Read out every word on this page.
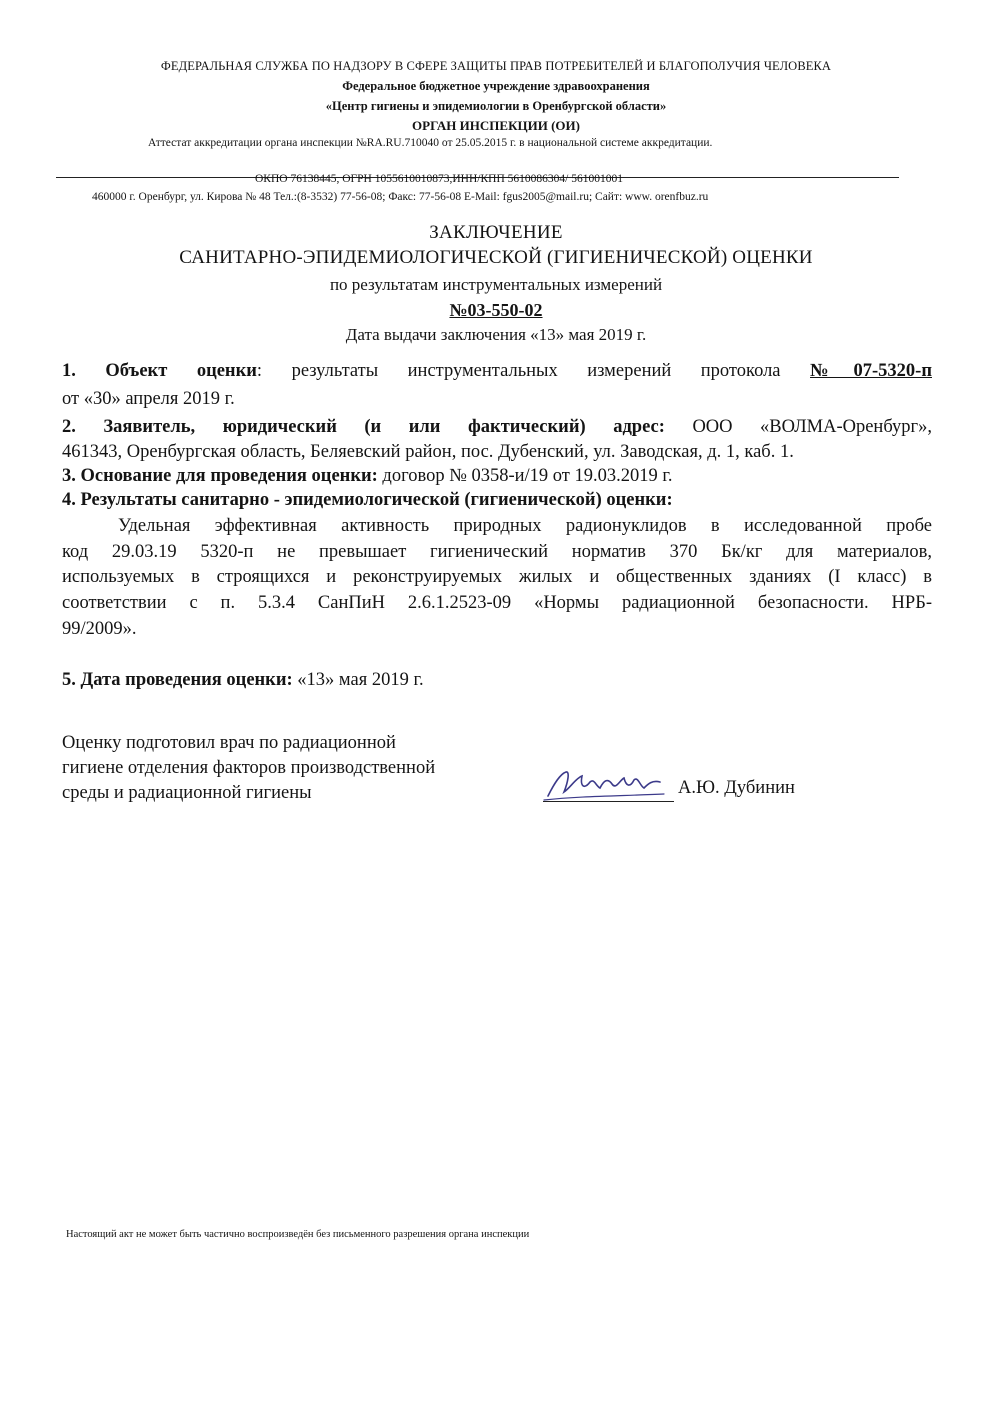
ФЕДЕРАЛЬНАЯ СЛУЖБА ПО НАДЗОРУ В СФЕРЕ ЗАЩИТЫ ПРАВ ПОТРЕБИТЕЛЕЙ И БЛАГОПОЛУЧИЯ ЧЕЛОВЕКА
Федеральное бюджетное учреждение здравоохранения
«Центр гигиены и эпидемиологии в Оренбургской области»
ОРГАН ИНСПЕКЦИИ (ОИ)
Аттестат аккредитации органа инспекции №RA.RU.710040 от 25.05.2015 г. в национальной системе аккредитации.
ОКПО 76138445, ОГРН 1055610010873,ИНН/КПП 5610086304/ 561001001
460000 г. Оренбург, ул. Кирова № 48 Тел.:(8-3532) 77-56-08; Факс: 77-56-08 E-Mail: fgus2005@mail.ru; Сайт: www. orenfbuz.ru
ЗАКЛЮЧЕНИЕ
САНИТАРНО-ЭПИДЕМИОЛОГИЧЕСКОЙ (ГИГИЕНИЧЕСКОЙ) ОЦЕНКИ
по результатам инструментальных измерений
№03-550-02
Дата выдачи заключения «13» мая 2019 г.
1. Объект оценки: результаты инструментальных измерений протокола №07-5320-п
от «30» апреля 2019 г.
2. Заявитель, юридический (и или фактический) адрес: ООО «ВОЛМА-Оренбург»,
461343, Оренбургская область, Беляевский район, пос. Дубенский, ул. Заводская, д. 1, каб. 1.
3. Основание для проведения оценки: договор № 0358-и/19 от 19.03.2019 г.
4. Результаты санитарно - эпидемиологической (гигиенической) оценки:
Удельная эффективная активность природных радионуклидов в исследованной пробе
код 29.03.19 5320-п не превышает гигиенический норматив 370 Бк/кг для материалов,
используемых в строящихся и реконструируемых жилых и общественных зданиях (I класс) в
соответствии с п. 5.3.4 СанПиН 2.6.1.2523-09 «Нормы радиационной безопасности. НРБ-
99/2009».
5. Дата проведения оценки: «13» мая 2019 г.
Оценку подготовил врач по радиационной
гигиене отделения факторов производственной
среды и радиационной гигиены	А.Ю. Дубинин
Настоящий акт не может быть частично воспроизведён без письменного разрешения органа инспекции
